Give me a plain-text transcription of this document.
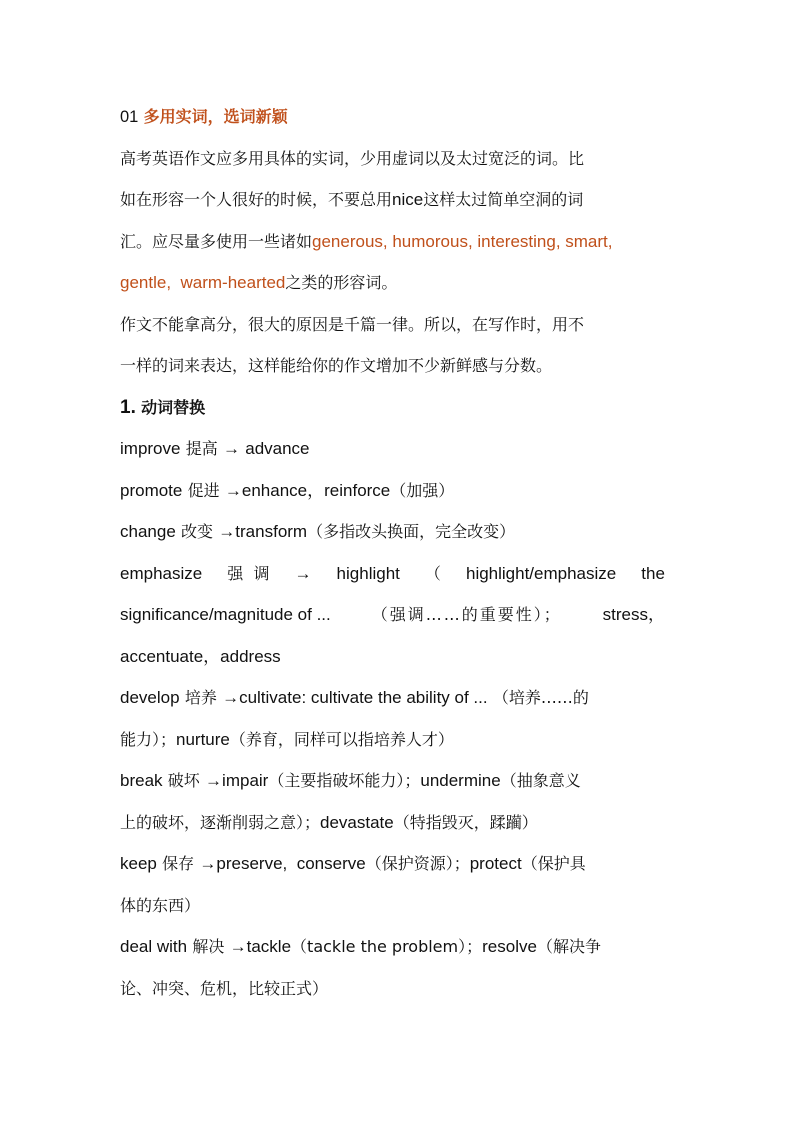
01 多用实词，选词新颖
高考英语作文应多用具体的实词，少用虚词以及太过宽泛的词。比
如在形容一个人很好的时候，不要总用nice这样太过简单空洞的词
汇。应尽量多使用一些诸如generous, humorous, interesting, smart,
gentle,  warm-hearted之类的形容词。
作文不能拿高分，很大的原因是千篇一律。所以，在写作时，用不
一样的词来表达，这样能给你的作文增加不少新鲜感与分数。
1. 动词替换
improve 提高 → advance
promote 促进 →enhance，reinforce（加强）
change 改变 →transform（多指改头换面，完全改变）
emphasize 强  调 → highlight （ highlight/emphasize the
significance/magnitude of ...	（强调……的重要性）； stress，
accentuate，address
develop 培养 →cultivate: cultivate the ability of ... （培养……的
能力）；nurture（养育，同样可以指培养人才）
break 破坏 →impair（主要指破坏能力）；undermine（抽象意义
上的破坏，逐渐削弱之意）；devastate（特指毁灭，蹂躏）
keep 保存 →preserve,  conserve（保护资源）；protect（保护具
体的东西）
deal with 解决 →tackle（tackle the problem）；resolve（解决争
论、冲突、危机，比较正式）
